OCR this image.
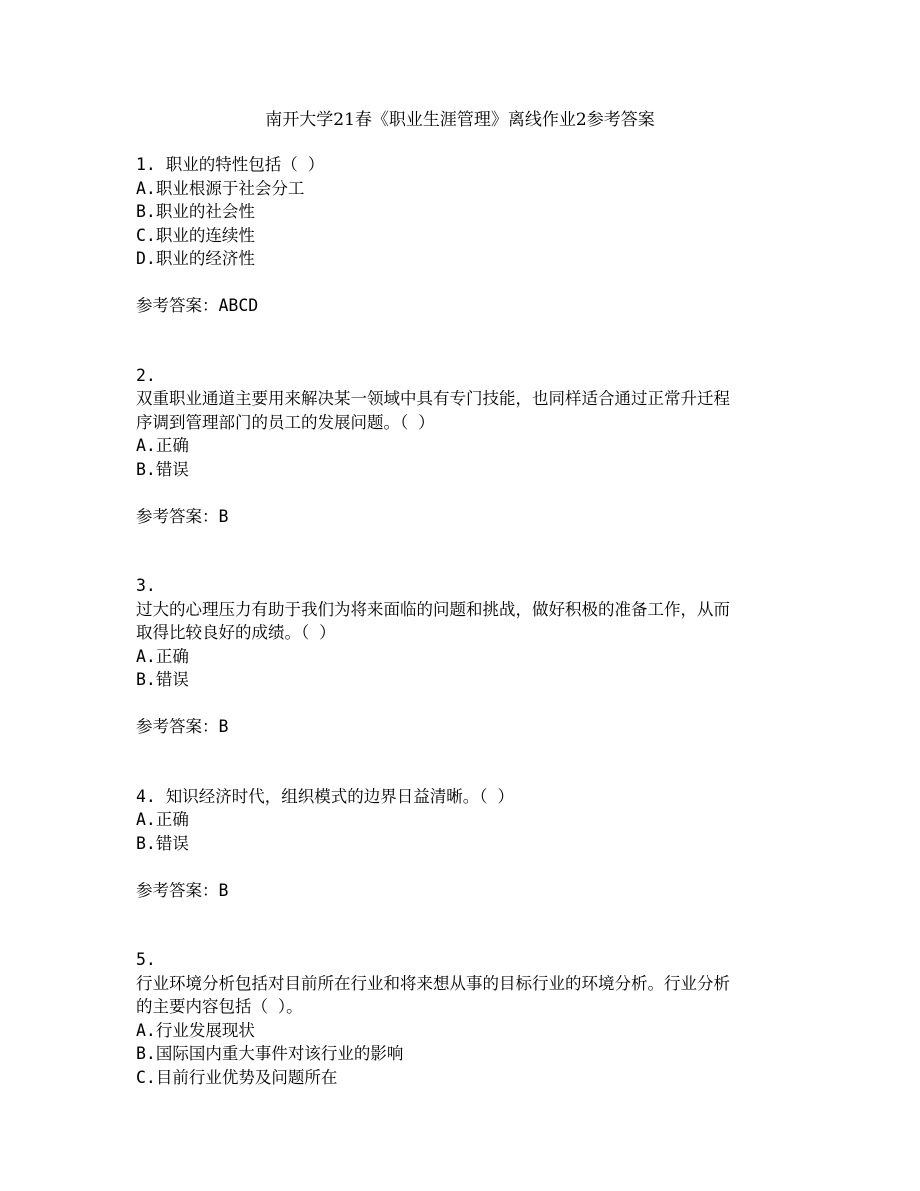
南开大学21春《职业生涯管理》离线作业2参考答案
1. 职业的特性包括（ ）
A.职业根源于社会分工
B.职业的社会性
C.职业的连续性
D.职业的经济性
参考答案：ABCD
2.
双重职业通道主要用来解决某一领域中具有专门技能，也同样适合通过正常升迁程
序调到管理部门的员工的发展问题。（ ）
A.正确
B.错误
参考答案：B
3.
过大的心理压力有助于我们为将来面临的问题和挑战，做好积极的准备工作，从而
取得比较良好的成绩。（ ）
A.正确
B.错误
参考答案：B
4. 知识经济时代，组织模式的边界日益清晰。（ ）
A.正确
B.错误
参考答案：B
5.
行业环境分析包括对目前所在行业和将来想从事的目标行业的环境分析。行业分析
的主要内容包括（ ）。
A.行业发展现状
B.国际国内重大事件对该行业的影响
C.目前行业优势及问题所在
